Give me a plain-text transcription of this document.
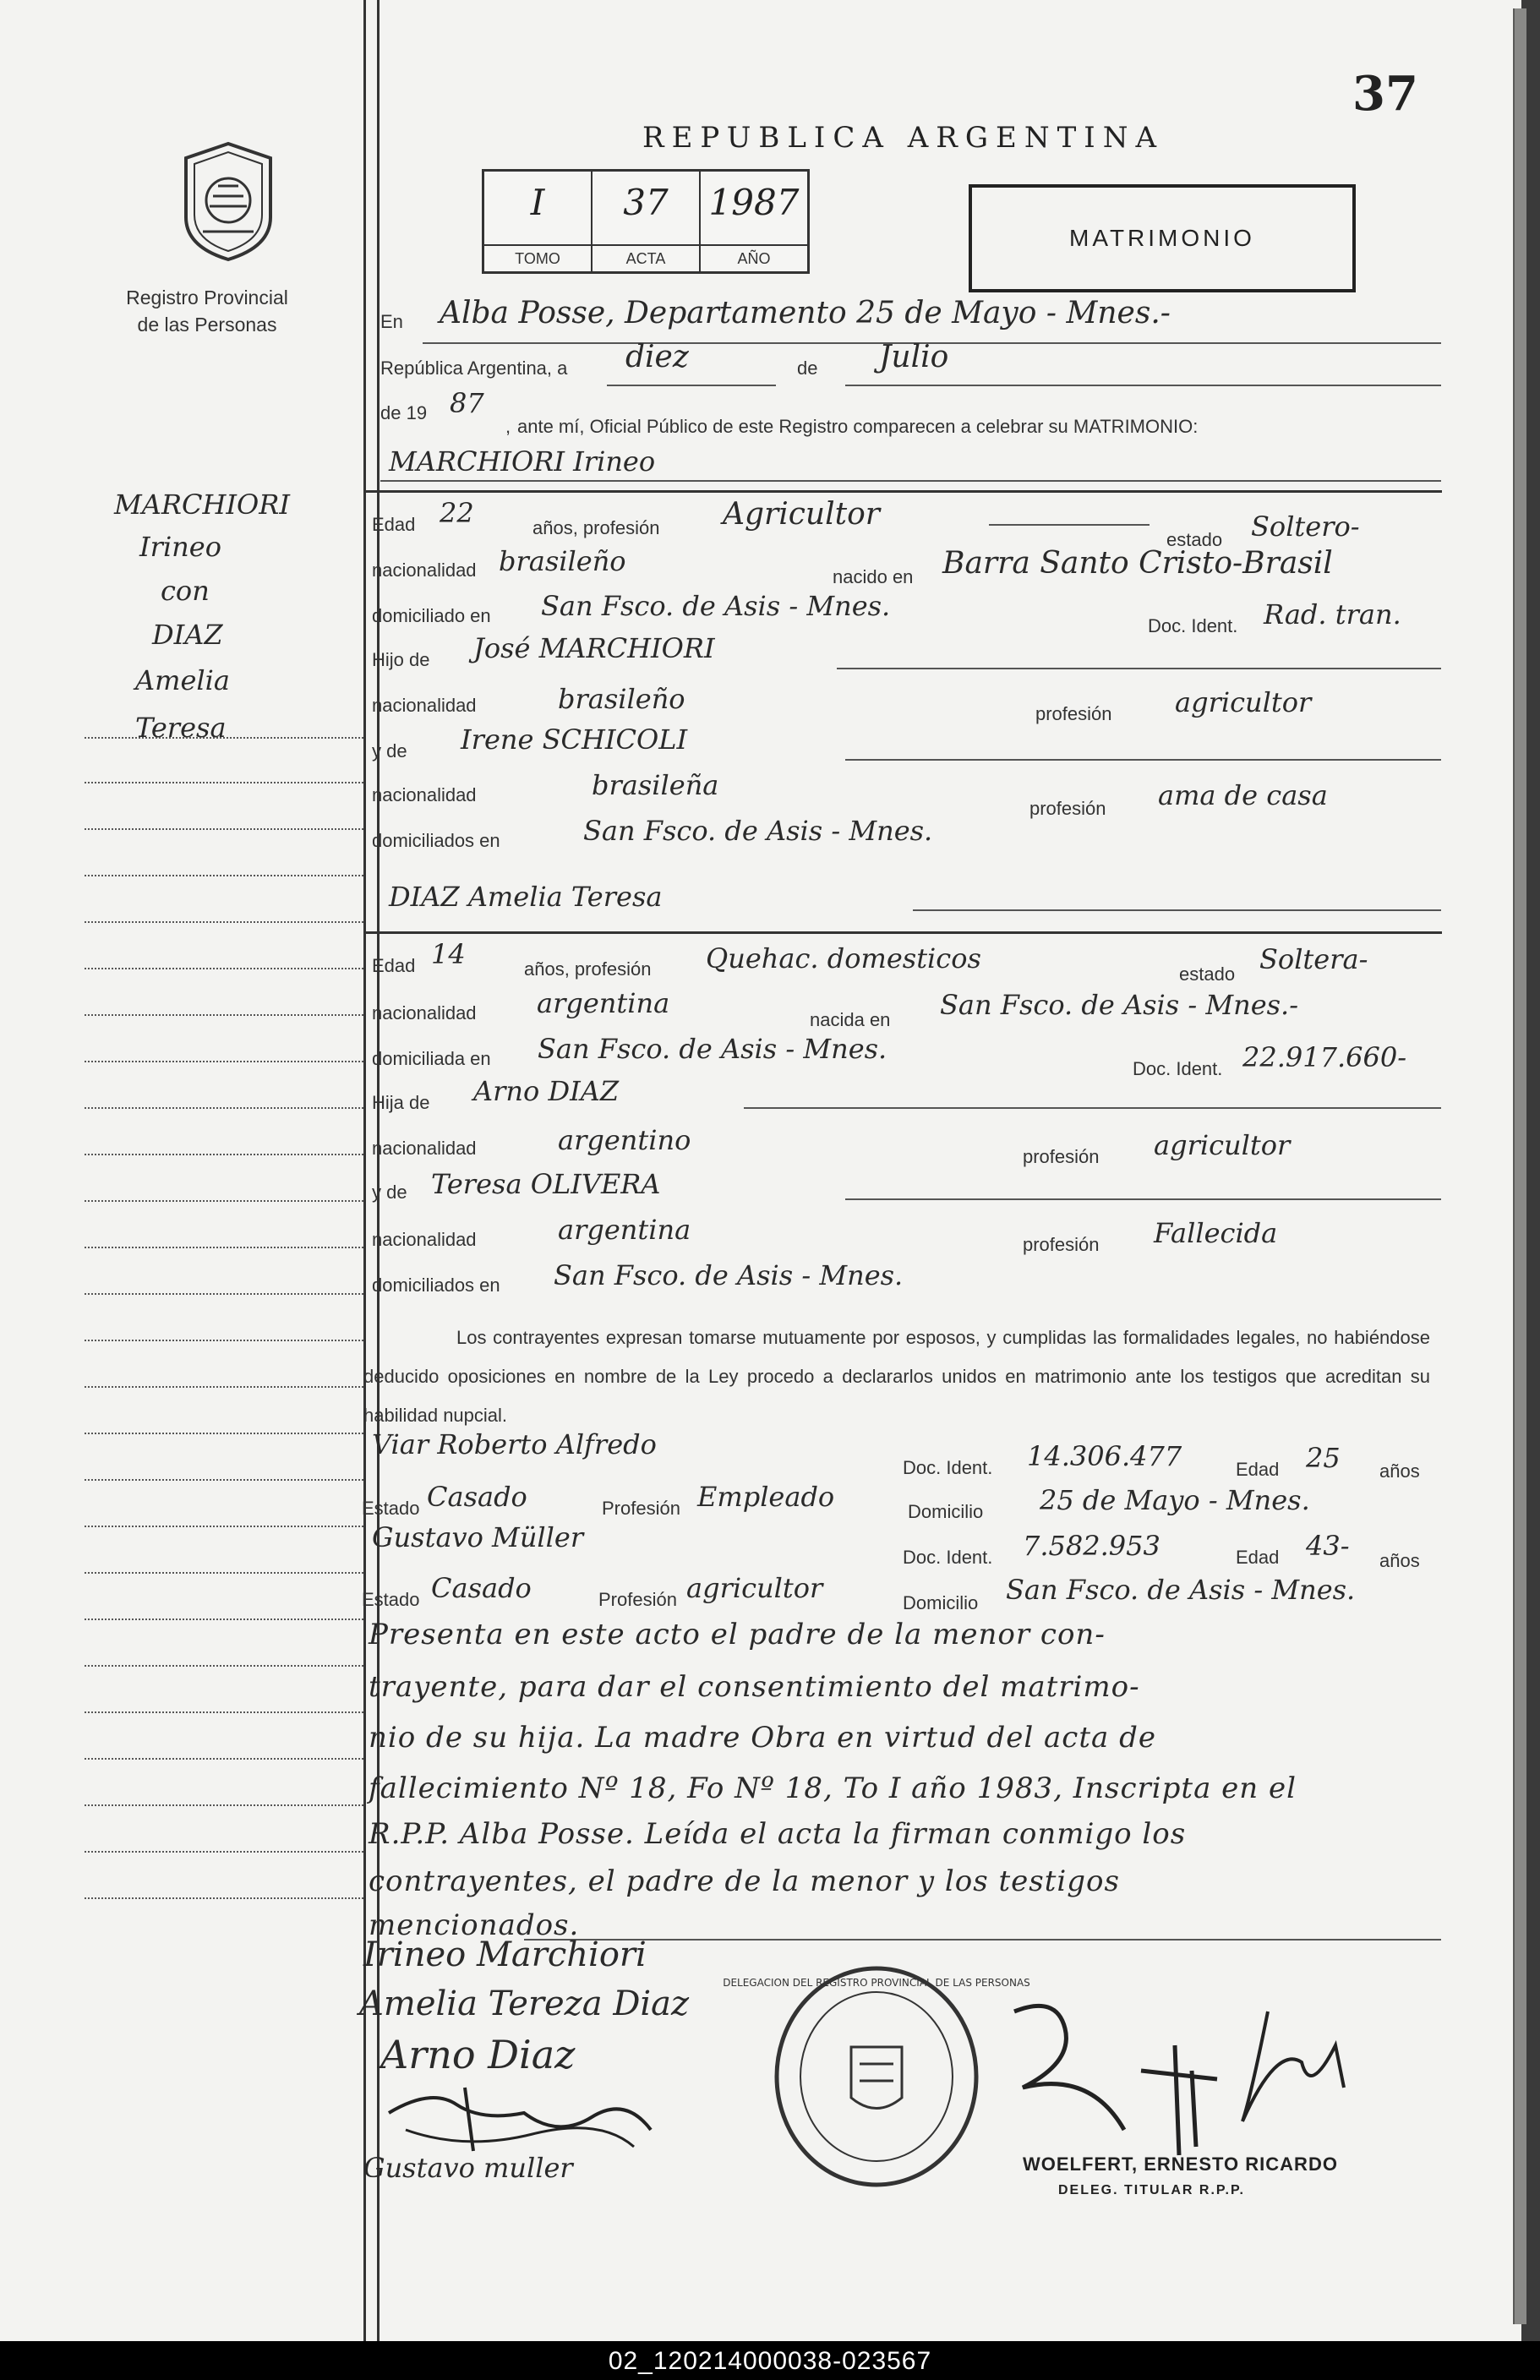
37
REPUBLICA ARGENTINA
Registro Provincial
de las Personas
I
TOMO
37
ACTA
1987
AÑO
MATRIMONIO
En Alba Posse, Departamento 25 de Mayo - Mnes.-
República Argentina, a diez	de Julio
de 19 87
, ante mí, Oficial Público de este Registro comparecen a celebrar su MATRIMONIO:
MARCHIORI
Irineo
con
DIAZ
Amelia
Teresa
MARCHIORI Irineo
Edad 22	años, profesión Agricultor
estado Soltero-
nacionalidad brasileño	nacido en Barra Santo Cristo-Brasil
domiciliado en San Fsco. de Asis - Mnes.
Doc. Ident. Rad. tran.
Hijo de José MARCHIORI
nacionalidad	brasileño	profesión agricultor
y de Irene SCHICOLI
nacionalidad	brasileña
profesión ama de casa
domiciliados en	San Fsco. de Asis - Mnes.
DIAZ Amelia Teresa
Edad 14	años, profesión Quehac. domesticos	estado Soltera-
nacionalidad argentina
nacida en San Fsco. de Asis - Mnes.-
domiciliada en San Fsco. de Asis - Mnes.
Doc. Ident. 22.917.660-
Hija de Arno DIAZ
nacionalidad	argentino
profesión agricultor
y de Teresa OLIVERA
nacionalidad	argentina	profesión Fallecida
domiciliados en San Fsco. de Asis - Mnes.
Los contrayentes expresan tomarse mutuamente por esposos, y cumplidas las formalidades legales, no habiéndose deducido oposiciones en nombre de la Ley procedo a declararlos unidos en matrimonio ante los testigos que acreditan su habilidad nupcial.
Viar Roberto Alfredo
Doc. Ident. 14.306.477	Edad 25 años
Estado Casado	Profesión Empleado	Domicilio 25 de Mayo - Mnes.
Gustavo Müller
Doc. Ident. 7.582.953	Edad 43- años
Estado Casado	Profesión agricultor	Domicilio San Fsco. de Asis - Mnes.
Presenta en este acto el padre de la menor con-
trayente, para dar el consentimiento del matrimo-
nio de su hija. La madre Obra en virtud del acta de
fallecimiento Nº 18, Fo Nº 18, To I año 1983, Inscripta en el
R.P.P. Alba Posse. Leída el acta la firman conmigo los
contrayentes, el padre de la menor y los testigos
mencionados.
Irineo Marchiori
Amelia Tereza Diaz
Arno Diaz
Gustavo muller
DELEGACION DEL REGISTRO PROVINCIAL DE LAS PERSONAS
WOELFERT, ERNESTO RICARDO
DELEG. TITULAR R.P.P.
02_120214000038-023567
